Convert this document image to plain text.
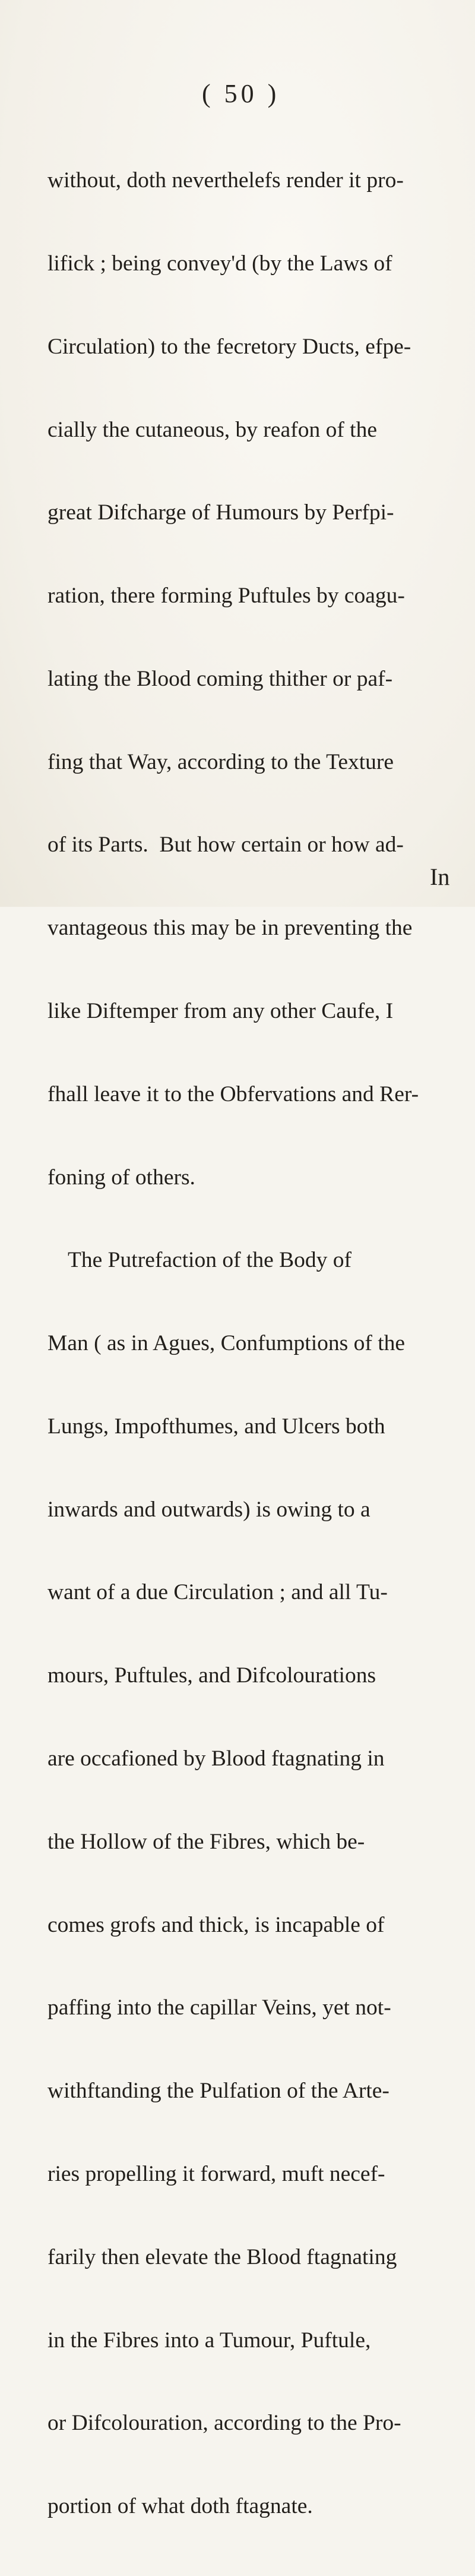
( 50 )

without, doth neverthelefs render it pro-

lifick ; being convey'd (by the Laws of

Circulation) to the fecretory Ducts, efpe-

cially the cutaneous, by reafon of the

great Difcharge of Humours by Perfpi-

ration, there forming Puftules by coagu-

lating the Blood coming thither or paf-

fing that Way, according to the Texture

of its Parts.  But how certain or how ad-

vantageous this may be in preventing the

like Diftemper from any other Caufe, I

fhall leave it to the Obfervations and Rer-

foning of others.

The Putrefaction of the Body of

Man ( as in Agues, Confumptions of the

Lungs, Impofthumes, and Ulcers both

inwards and outwards) is owing to a

want of a due Circulation ; and all Tu-

mours, Puftules, and Difcolourations

are occafioned by Blood ftagnating in

the Hollow of the Fibres, which be-

comes grofs and thick, is incapable of

paffing into the capillar Veins, yet not-

withftanding the Pulfation of the Arte-

ries propelling it forward, muft necef-

farily then elevate the Blood ftagnating

in the Fibres into a Tumour, Puftule,

or Difcolouration, according to the Pro-

portion of what doth ftagnate.

In
